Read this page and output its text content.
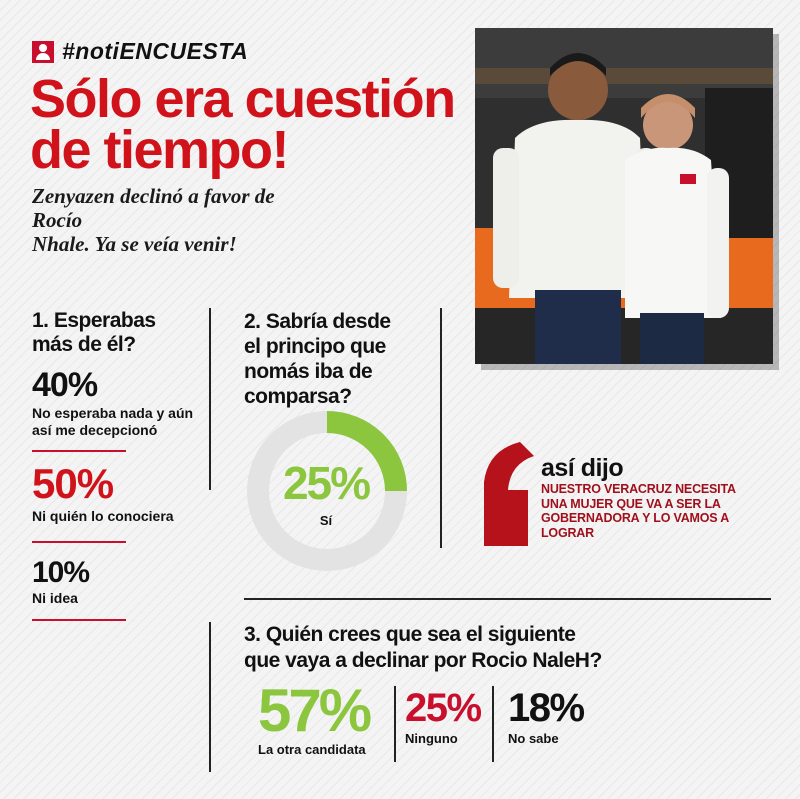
#notiENCUESTA
Sólo era cuestión
de tiempo!
Zenyazen declinó a favor de Rocío
Nhale. Ya se veía venir!
1. Esperabas
más de él?
40%
No esperaba nada y aún
así me decepcionó
50%
Ni quién lo conociera
10%
Ni idea
2. Sabría desde
el principo que
nomás iba de
comparsa?
25%
Sí
así dijo
NUESTRO VERACRUZ NECESITA
UNA MUJER QUE VA A SER LA
GOBERNADORA Y LO VAMOS A
LOGRAR
3. Quién crees que sea el siguiente
que vaya a declinar por Rocio NaleH?
57%
La otra candidata
25%
Ninguno
18%
No sabe
